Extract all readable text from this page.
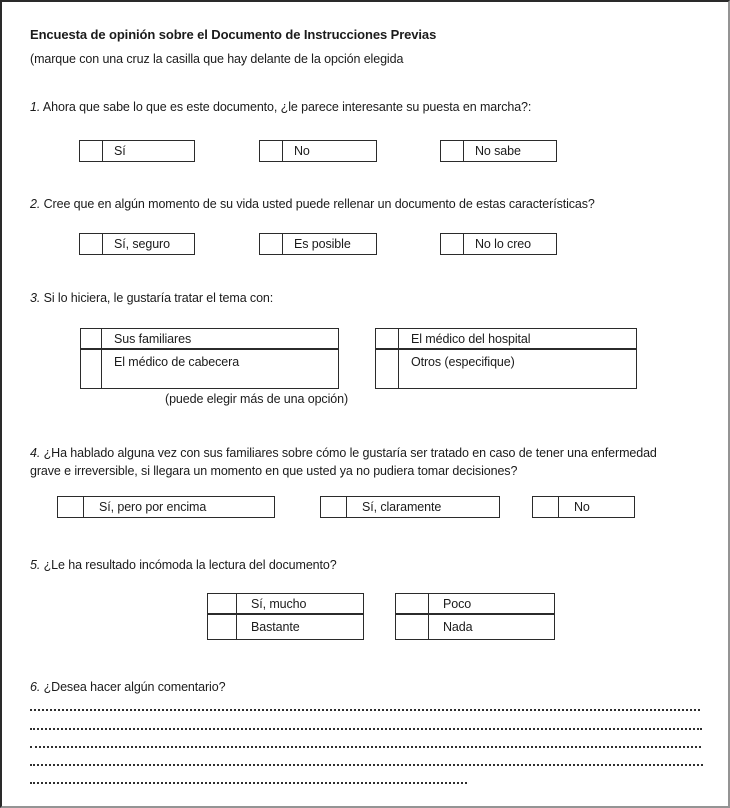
Encuesta de opinión sobre el Documento de Instrucciones Previas
(marque con una cruz la casilla que hay delante de la opción elegida
1. Ahora que sabe lo que es este documento, ¿le parece interesante su puesta en marcha?:
Sí	No	No sabe
2. Cree que en algún momento de su vida usted puede rellenar un documento de estas características?
Sí, seguro	Es posible	No lo creo
3. Si lo hiciera, le gustaría tratar el tema con:
Sus familiares
El médico de cabecera
El médico del hospital
Otros (especifique)
(puede elegir más de una opción)
4. ¿Ha hablado alguna vez con sus familiares sobre cómo le gustaría ser tratado en caso de tener una enfermedad grave e irreversible, si llegara un momento en que usted ya no pudiera tomar decisiones?
Sí, pero por encima	Sí, claramente	No
5. ¿Le ha resultado incómoda la lectura del documento?
Sí, mucho
Bastante
Poco
Nada
6. ¿Desea hacer algún comentario?
